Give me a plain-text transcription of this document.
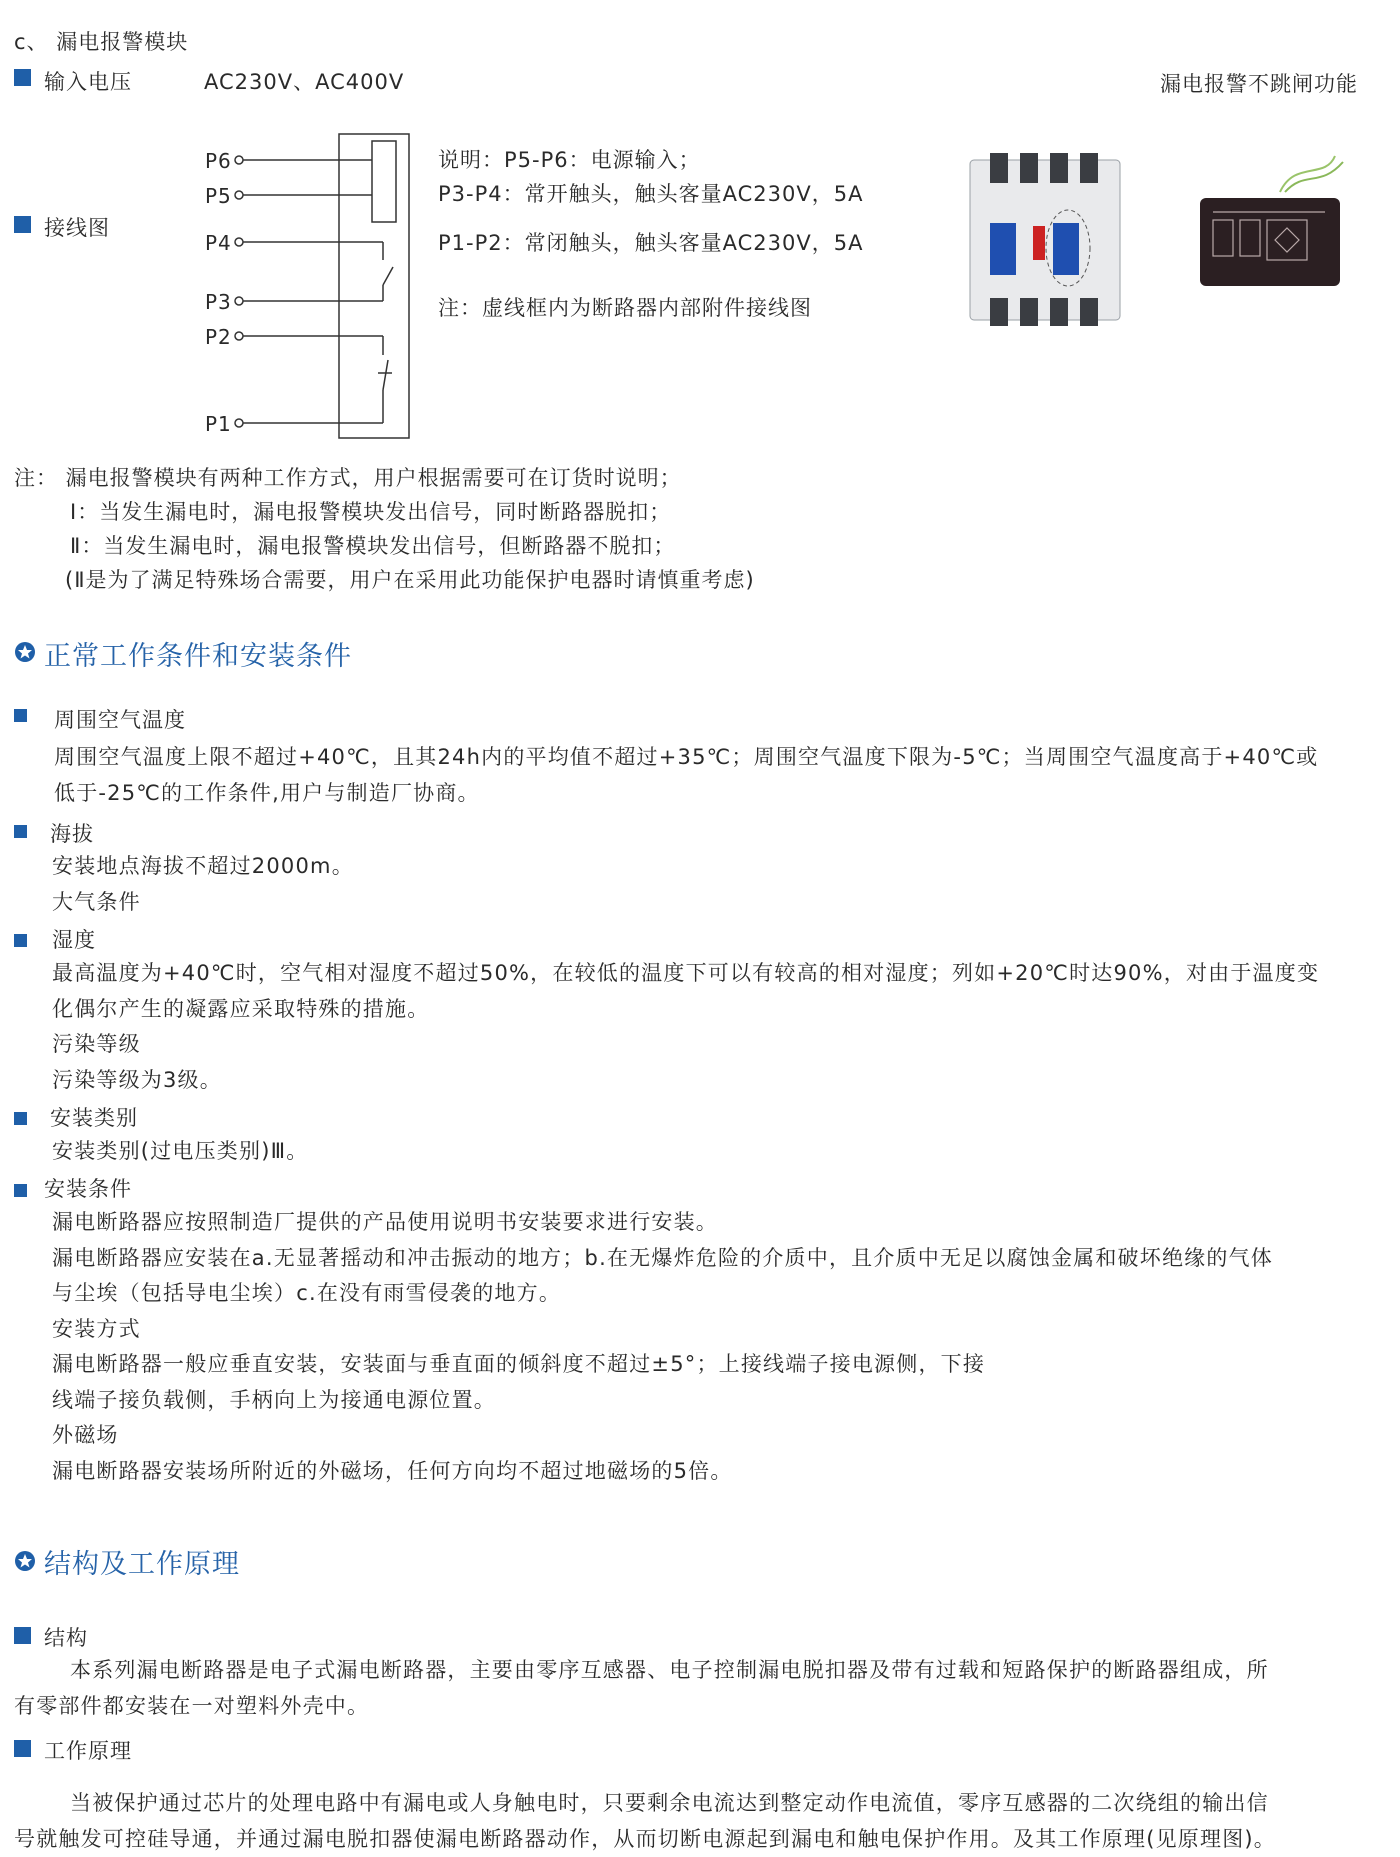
c、 漏电报警模块
输入电压	AC230V、AC400V	漏电报警不跳闸功能
接线图
P6
P5
P4
P3
P2
P1
说明：P5-P6：电源输入；
P3-P4：常开触头，触头客量AC230V，5A
P1-P2：常闭触头，触头客量AC230V，5A
注：虚线框内为断路器内部附件接线图
注： 漏电报警模块有两种工作方式，用户根据需要可在订货时说明；
Ⅰ：当发生漏电时，漏电报警模块发出信号，同时断路器脱扣；
Ⅱ：当发生漏电时，漏电报警模块发出信号，但断路器不脱扣；
(Ⅱ是为了满足特殊场合需要，用户在采用此功能保护电器时请慎重考虑)
正常工作条件和安装条件
周围空气温度
周围空气温度上限不超过+40℃，且其24h内的平均值不超过+35℃；周围空气温度下限为-5℃；当周围空气温度高于+40℃或
低于-25℃的工作条件,用户与制造厂协商。
海拔
安装地点海拔不超过2000m。
大气条件
湿度
最高温度为+40℃时，空气相对湿度不超过50%，在较低的温度下可以有较高的相对湿度；列如+20℃时达90%，对由于温度变
化偶尔产生的凝露应采取特殊的措施。
污染等级
污染等级为3级。
安装类别
安装类别(过电压类别)Ⅲ。
安装条件
漏电断路器应按照制造厂提供的产品使用说明书安装要求进行安装。
漏电断路器应安装在a.无显著摇动和冲击振动的地方；b.在无爆炸危险的介质中，且介质中无足以腐蚀金属和破坏绝缘的气体
与尘埃（包括导电尘埃）c.在没有雨雪侵袭的地方。
安装方式
漏电断路器一般应垂直安装，安装面与垂直面的倾斜度不超过±5°；上接线端子接电源侧，下接
线端子接负载侧，手柄向上为接通电源位置。
外磁场
漏电断路器安装场所附近的外磁场，任何方向均不超过地磁场的5倍。
结构及工作原理
结构
本系列漏电断路器是电子式漏电断路器，主要由零序互感器、电子控制漏电脱扣器及带有过载和短路保护的断路器组成，所
有零部件都安装在一对塑料外壳中。
工作原理
当被保护通过芯片的处理电路中有漏电或人身触电时，只要剩余电流达到整定动作电流值，零序互感器的二次绕组的输出信
号就触发可控硅导通，并通过漏电脱扣器使漏电断路器动作，从而切断电源起到漏电和触电保护作用。及其工作原理(见原理图)。
